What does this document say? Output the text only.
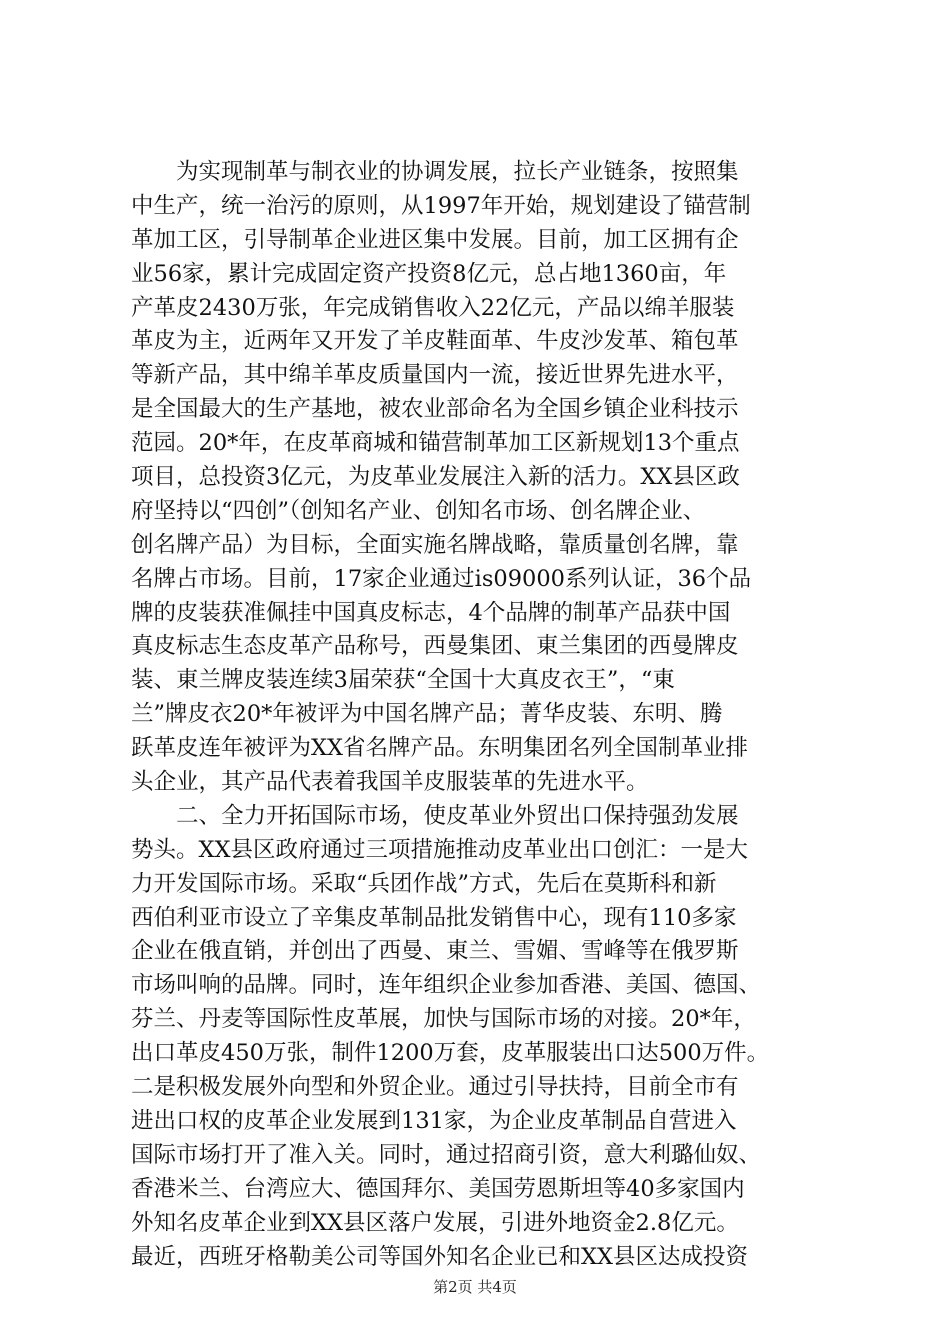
　　为实现制革与制衣业的协调发展，拉长产业链条，按照集
中生产，统一治污的原则，从1997年开始，规划建设了锚营制
革加工区，引导制革企业进区集中发展。目前，加工区拥有企
业56家，累计完成固定资产投资8亿元，总占地1360亩，年
产革皮2430万张，年完成销售收入22亿元，产品以绵羊服装
革皮为主，近两年又开发了羊皮鞋面革、牛皮沙发革、箱包革
等新产品，其中绵羊革皮质量国内一流，接近世界先进水平，
是全国最大的生产基地，被农业部命名为全国乡镇企业科技示
范园。20*年，在皮革商城和锚营制革加工区新规划13个重点
项目，总投资3亿元，为皮革业发展注入新的活力。XX县区政
府坚持以“四创”（创知名产业、创知名市场、创名牌企业、
创名牌产品）为目标，全面实施名牌战略，靠质量创名牌，靠
名牌占市场。目前，17家企业通过is09000系列认证，36个品
牌的皮装获准佩挂中国真皮标志，4个品牌的制革产品获中国
真皮标志生态皮革产品称号，西曼集团、東兰集团的西曼牌皮
装、東兰牌皮装连续3届荣获“全国十大真皮衣王”，“東
兰”牌皮衣20*年被评为中国名牌产品；菁华皮装、东明、腾
跃革皮连年被评为XX省名牌产品。东明集团名列全国制革业排
头企业，其产品代表着我国羊皮服装革的先进水平。
　　二、全力开拓国际市场，使皮革业外贸出口保持强劲发展
势头。XX县区政府通过三项措施推动皮革业出口创汇：一是大
力开发国际市场。采取“兵团作战”方式，先后在莫斯科和新
西伯利亚市设立了辛集皮革制品批发销售中心，现有110多家
企业在俄直销，并创出了西曼、東兰、雪媚、雪峰等在俄罗斯
市场叫响的品牌。同时，连年组织企业参加香港、美国、德国、
芬兰、丹麦等国际性皮革展，加快与国际市场的对接。20*年，
出口革皮450万张，制件1200万套，皮革服装出口达500万件。
二是积极发展外向型和外贸企业。通过引导扶持，目前全市有
进出口权的皮革企业发展到131家，为企业皮革制品自营进入
国际市场打开了准入关。同时，通过招商引资，意大利璐仙奴、
香港米兰、台湾应大、德国拜尔、美国劳恩斯坦等40多家国内
外知名皮革企业到XX县区落户发展，引进外地资金2.8亿元。
最近，西班牙格勒美公司等国外知名企业已和XX县区达成投资
第2页 共4页
